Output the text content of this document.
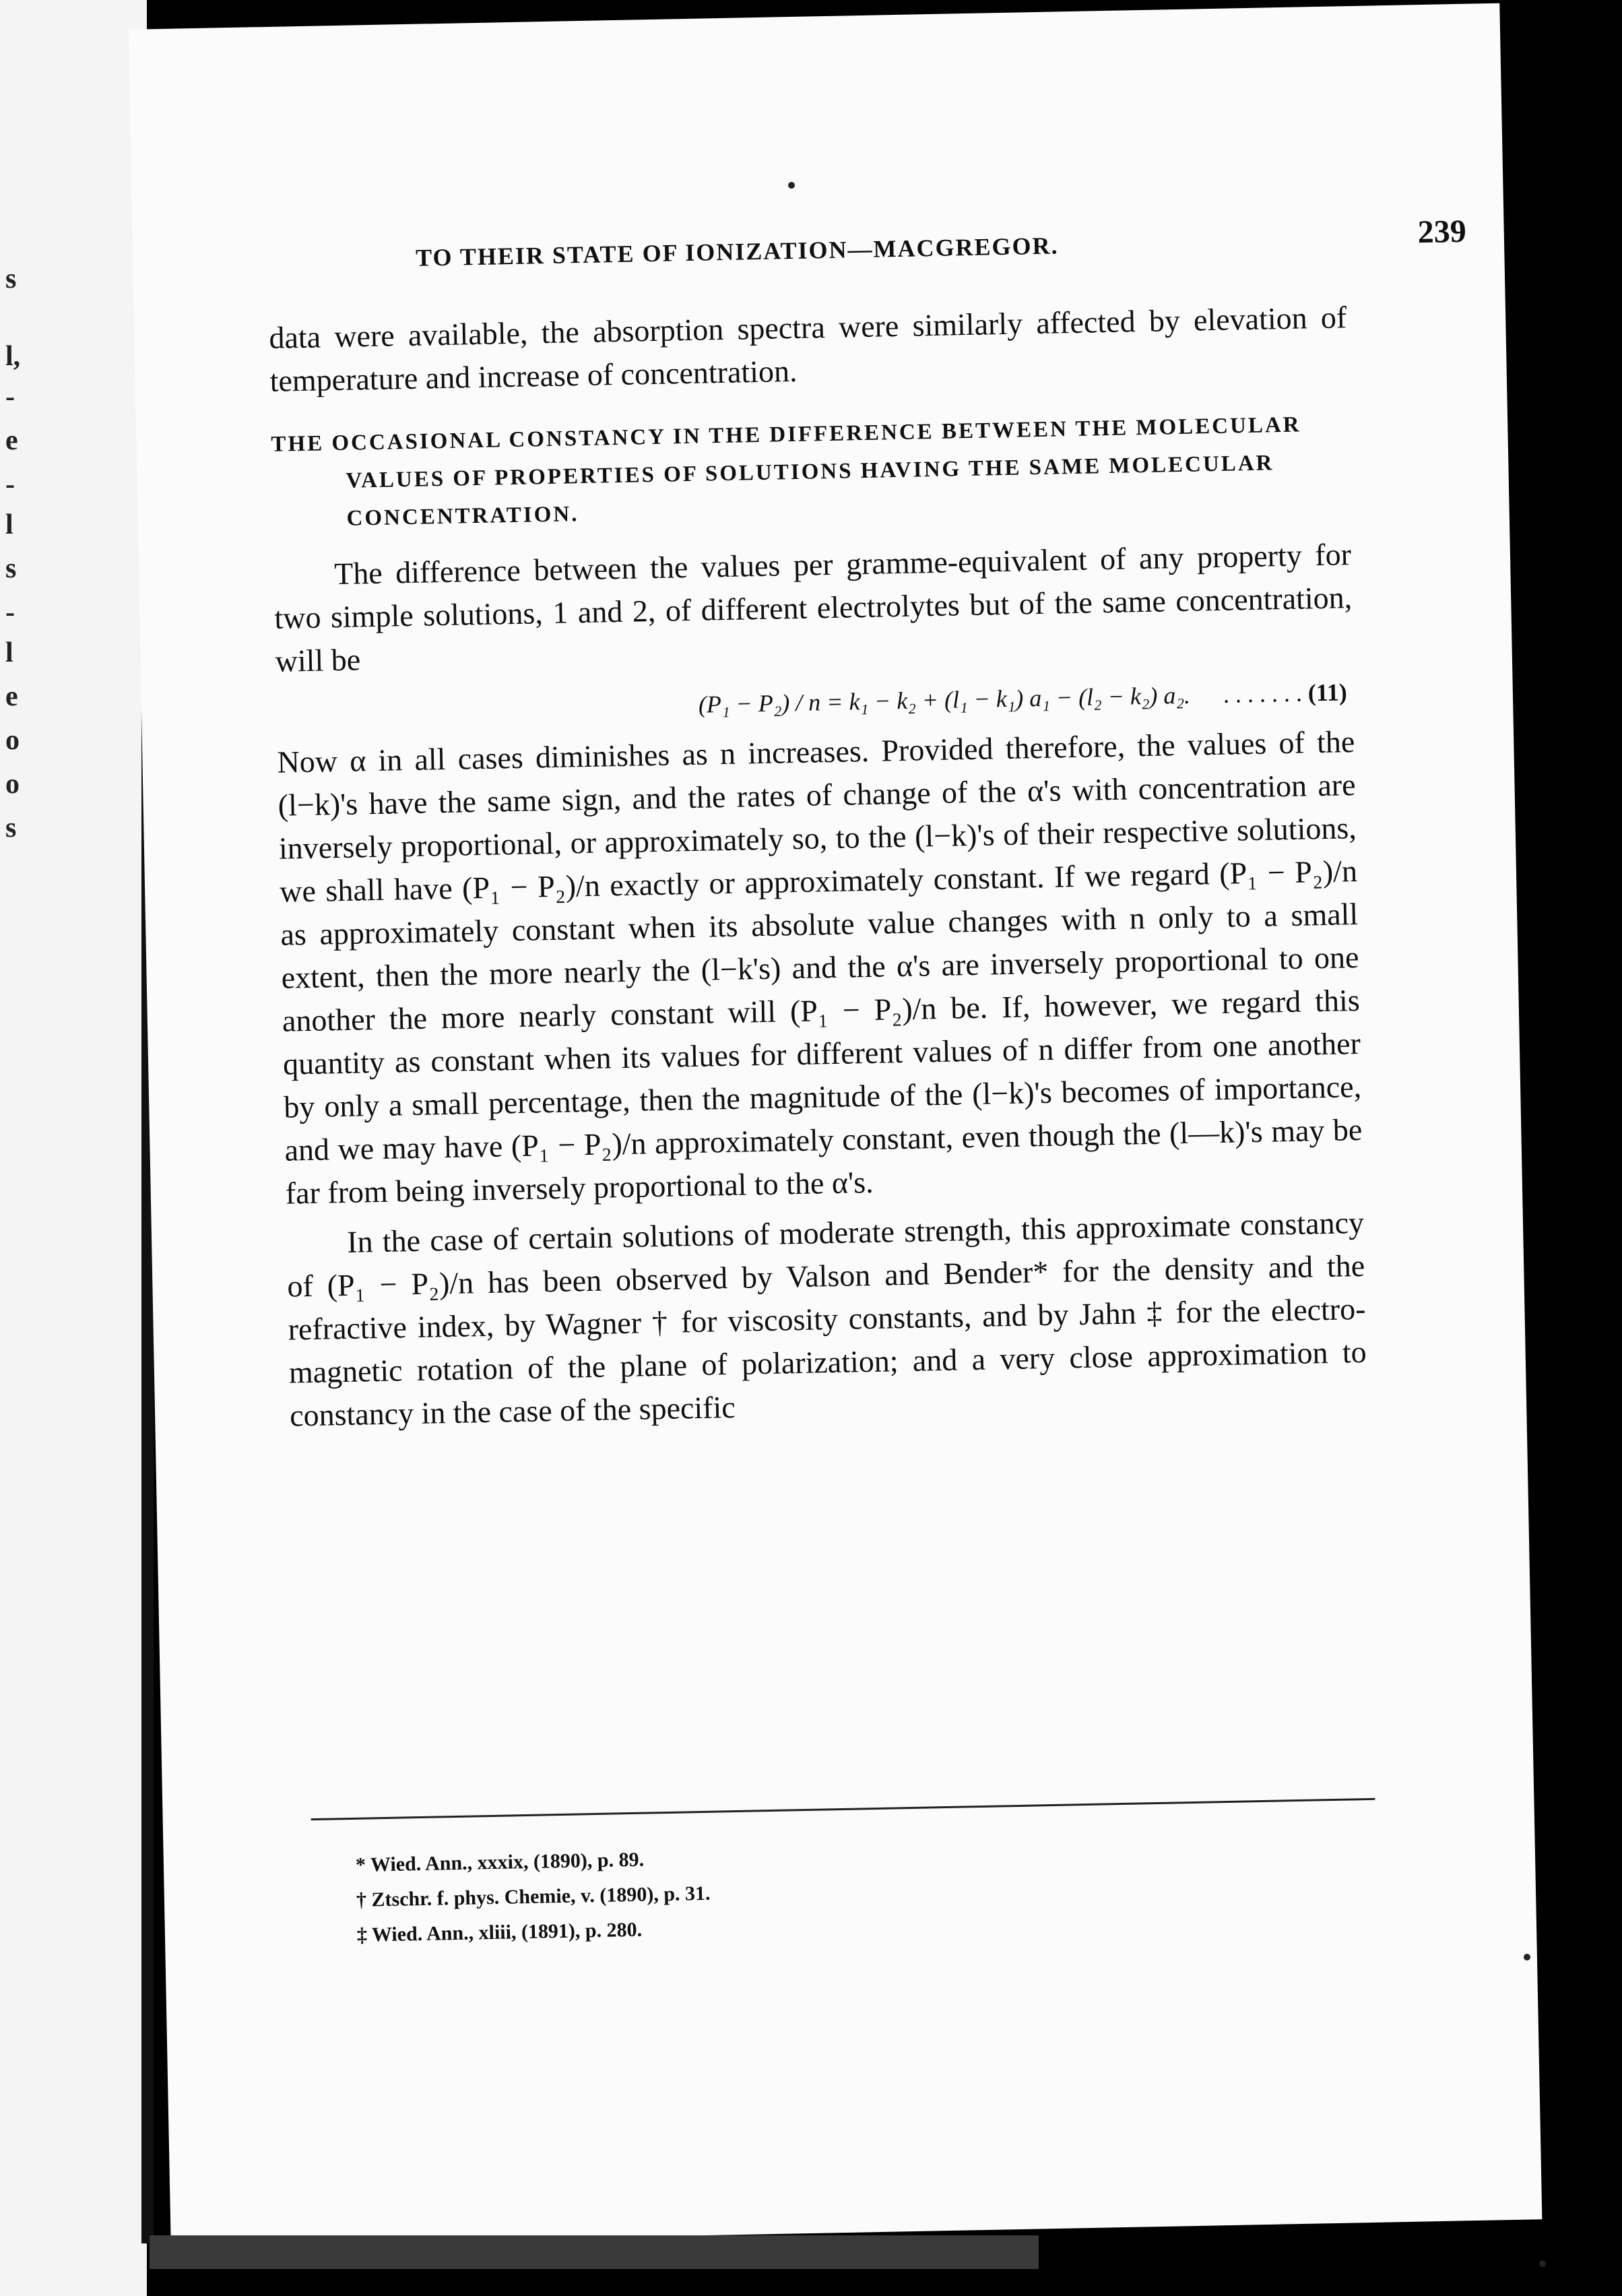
s
l,
-
e
-
l
s
-
l
e
o
o
s
TO THEIR STATE OF IONIZATION—MACGREGOR.
239

data were available, the absorption spectra were similarly affected by elevation of temperature and increase of concentration.

THE OCCASIONAL CONSTANCY IN THE DIFFERENCE BETWEEN THE MOLECULAR VALUES OF PROPERTIES OF SOLUTIONS HAVING THE SAME MOLECULAR CONCENTRATION.

The difference between the values per gramme-equivalent of any property for two simple solutions, 1 and 2, of different electrolytes but of the same concentration, will be

(P₁ − P₂) / n = k₁ − k₂ + (l₁ − k₁) a₁ − (l₂ − k₂) a₂. . . . . . . . (11)

Now α in all cases diminishes as n increases. Provided therefore, the values of the (l−k)'s have the same sign, and the rates of change of the α's with concentration are inversely proportional, or approximately so, to the (l−k)'s of their respective solutions, we shall have (P₁ − P₂)/n exactly or approximately constant. If we regard (P₁ − P₂)/n as approximately constant when its absolute value changes with n only to a small extent, then the more nearly the (l−k's) and the α's are inversely proportional to one another the more nearly constant will (P₁ − P₂)/n be. If, however, we regard this quantity as constant when its values for different values of n differ from one another by only a small percentage, then the magnitude of the (l−k)'s becomes of importance, and we may have (P₁ − P₂)/n approximately constant, even though the (l—k)'s may be far from being inversely proportional to the α's.

In the case of certain solutions of moderate strength, this approximate constancy of (P₁ − P₂)/n has been observed by Valson and Bender* for the density and the refractive index, by Wagner † for viscosity constants, and by Jahn ‡ for the electro-magnetic rotation of the plane of polarization; and a very close approximation to constancy in the case of the specific

* Wied. Ann., xxxix, (1890), p. 89.

† Ztschr. f. phys. Chemie, v. (1890), p. 31.

‡ Wied. Ann., xliii, (1891), p. 280.
